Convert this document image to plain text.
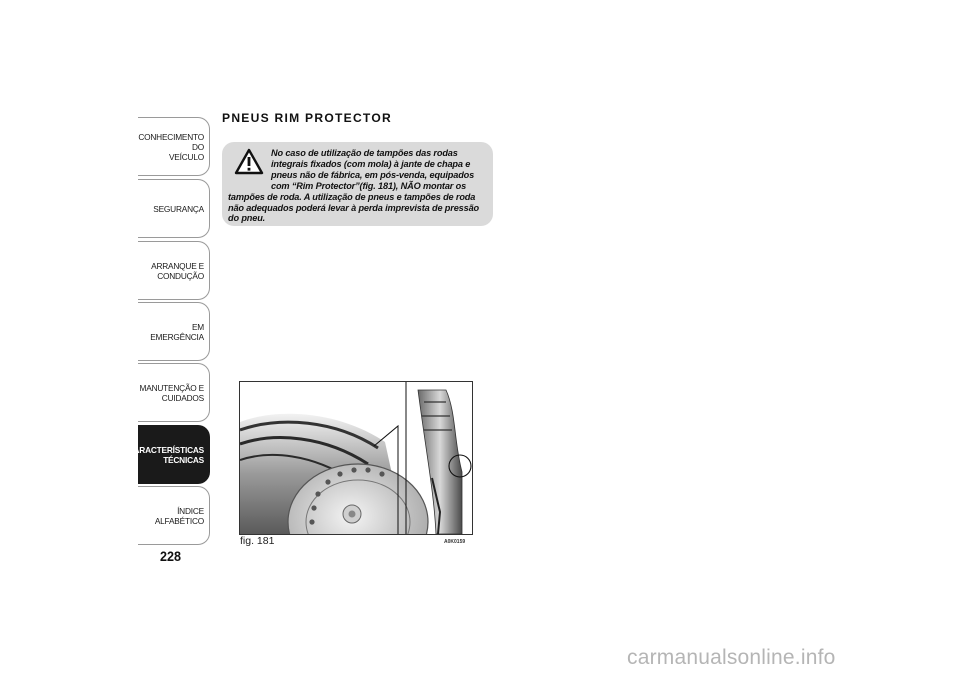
CONHECIMENTO DO
VEÍCULO
SEGURANÇA
ARRANQUE E
CONDUÇÃO
EM EMERGÊNCIA
MANUTENÇÃO E
CUIDADOS
CARACTERÍSTICAS
TÉCNICAS
ÍNDICE ALFABÉTICO
228
PNEUS RIM PROTECTOR
No caso de utilização de tampões das rodas integrais fixados (com mola) à jante de chapa e pneus não de fábrica, em pós-venda, equipados com “Rim Protector”(fig. 181), NÃO montar os tampões de roda. A utilização de pneus e tampões de roda não adequados poderá levar à perda imprevista de pressão do pneu.
fig. 181	A0K0159
carmanualsonline.info
